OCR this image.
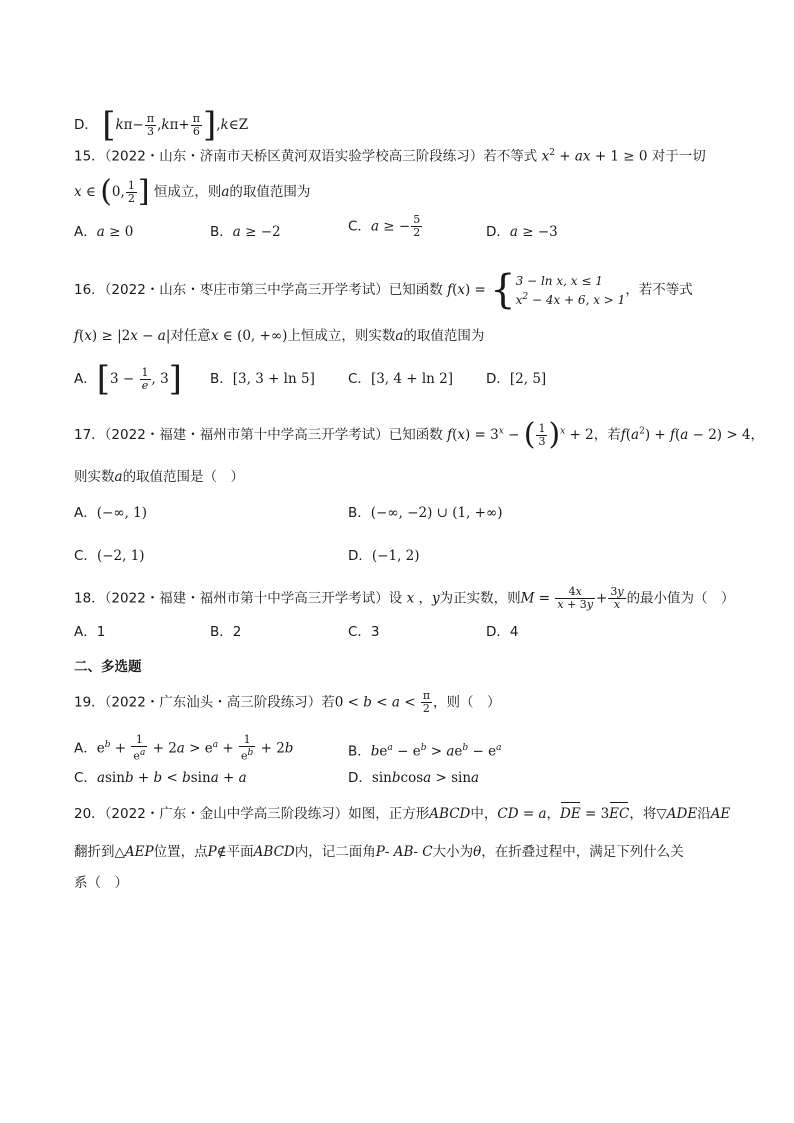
D． [$k\pi- \frac{\pi}{3} ,k\pi+ \frac{\pi}{6}$ ],k∈Z
15．（2022・山东・济南市天桥区黄河双语实验学校高三阶段练习）若不等式 $x^2$ + ax + 1 ≥ 0 对于一切
x ∈ (0, $\frac{1}{2}$ ] 恒成立，则a的取值范围为
A．a ≥ 0	B．a ≥ −2	C．a ≥ − $\frac{5}{2}$	D．a ≥ −3
16．（2022・山东・枣庄市第三中学高三开学考试）已知函数 f(x) = { 3 − ln x, x ≤ 1
$x^2 - 4x + 6$, x > 1
，若不等式
f(x) ≥ |2x − a|对任意x ∈ (0, +∞)上恒成立，则实数a的取值范围为
A．[$3 - \frac{1}{e}$ , 3] B．[3, 3 + ln 5] C．[3, 4 + ln 2] D．[2, 5]
17．（2022・福建・福州市第十中学高三开学考试）已知函数 $f(x) = 3^x$ − ( $\frac{1}{3} )^x + 2$，若$f(a^2) + f(a - 2) > 4$，
则实数a的取值范围是（　）
A．(−∞, 1)	B．(−∞, −2) ∪ (1, +∞)
C．(−2, 1)	D．(−1, 2)
18．（2022・福建・福州市第十中学高三开学考试）设 x ，y为正实数，则$M = \frac{4x}{x + 3y} + \frac{3y}{x}$ 的最小值为（　）
A．1	B．2	C．3	D．4
二、多选题
19．（2022・广东汕头・高三阶段练习）若$0 < b < a < \frac{\pi}{2}$ ，则（　）
A．$e^b + \frac{1}{e^a} + 2a > e^a + \frac{1}{e^b} + 2b$	B．$be^a - e^b > ae^b - e^a$
C．asinb + b < bsina + a	D．sinbcosa > sina
20．（2022・广东・金山中学高三阶段练习）如图，正方形ABCD中，CD = a，DE = 3EC，将▽ADE沿AE
翻折到△AEP位置，点P∉平面ABCD内，记二面角P- AB- C大小为θ，在折叠过程中，满足下列什么关
系（　）
